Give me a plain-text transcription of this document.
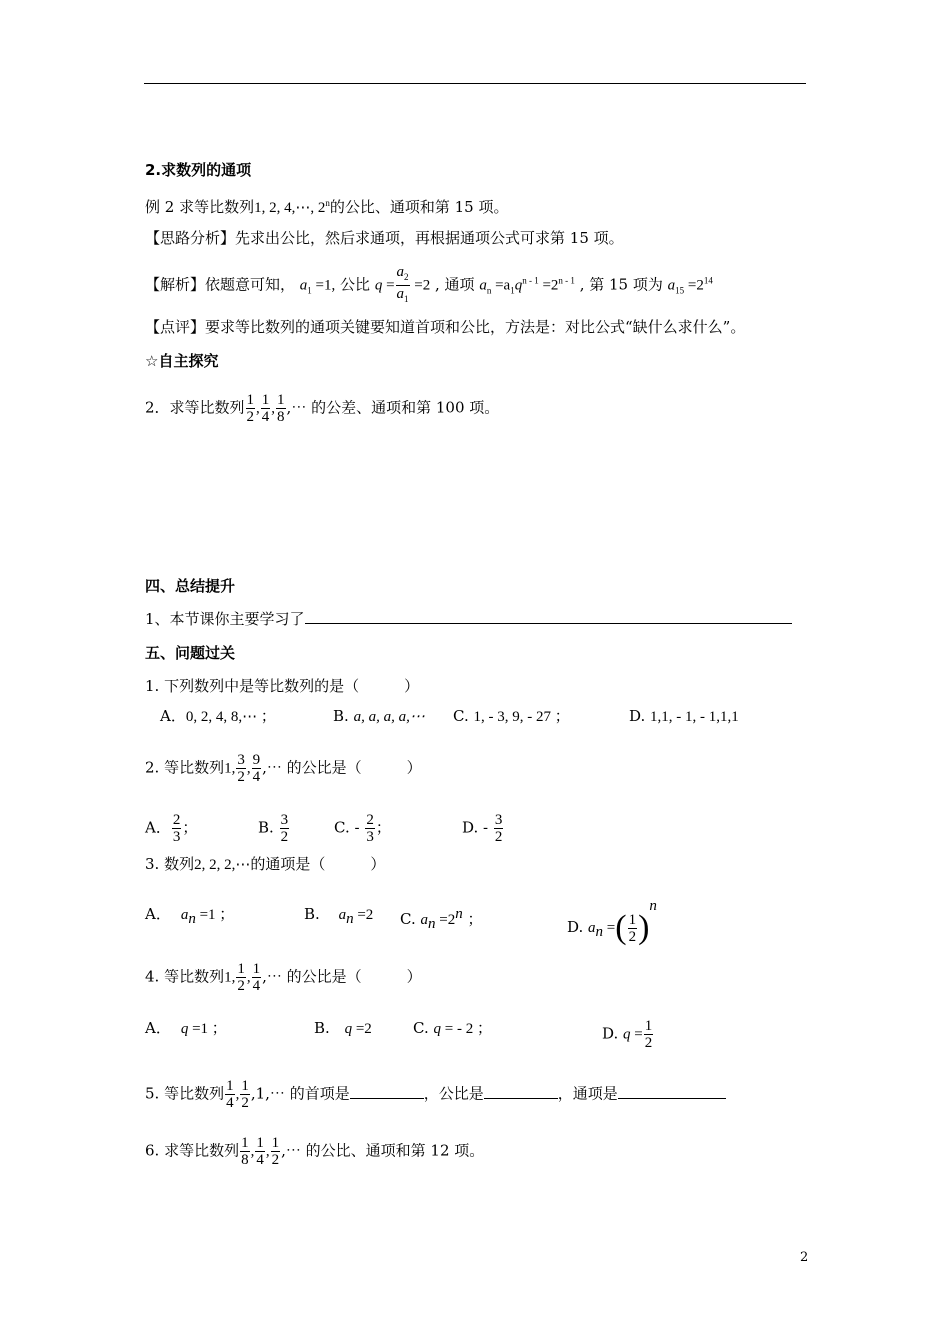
2.求数列的通项
例 2 求等比数列1, 2, 4,⋯, 2$^n$的公比、通项和第 15 项。
【思路分析】先求出公比，然后求通项，再根据通项公式可求第 15 项。
【解析】依题意可知， $a_1 =1$, 公比 $q = \frac{a_2}{a_1} =2$ , 通项 $a_n =a_1q^{n - 1} =2^{n - 1}$ , 第 15 项为 $a_{15} =2^{14}$
【点评】要求等比数列的通项关键要知道首项和公比，方法是：对比公式“缺什么求什么”。
☆自主探究
2．求等比数列 $\frac{1}{2}$ , $\frac{1}{4}$ , $\frac{1}{8}$ ,⋯ 的公差、通项和第 100 项。
四、总结提升
1、本节课你主要学习了
五、问题过关
1. 下列数列中是等比数列的是（　　　）
A．0, 2, 4, 8,⋯ ；	B. a, a, a, a,⋯ C. 1, - 3, 9, - 27 ；	D. 1,1, - 1, - 1,1,1
2. 等比数列1, $\frac{3}{2}$ , $\frac{9}{4}$ ,⋯ 的公比是（　　　）
A． $\frac{2}{3}$ ；	B. $\frac{3}{2}$	C. - $\frac{2}{3}$ ；	D. - $\frac{3}{2}$
3. 数列2, 2, 2,⋯的通项是（　　　）
A． $a_n =1$ ；	B. $a_n =2$ C. $a_n =2^n$ ；	D. $a_n$ =( $\frac{1}{2} )^n$
4. 等比数列1, $\frac{1}{2}$ , $\frac{1}{4}$ ,⋯ 的公比是（　　　）
A． q =1 ；	B. q =2	C. q = - 2 ；	D. $q = \frac{1}{2}$
5. 等比数列 $\frac{1}{4}$ , $\frac{1}{2}$ ,1,⋯ 的首项是	，公比是	，通项是
6. 求等比数列 $\frac{1}{8}$ , $\frac{1}{4}$ , $\frac{1}{2}$ ,⋯ 的公比、通项和第 12 项。
2
